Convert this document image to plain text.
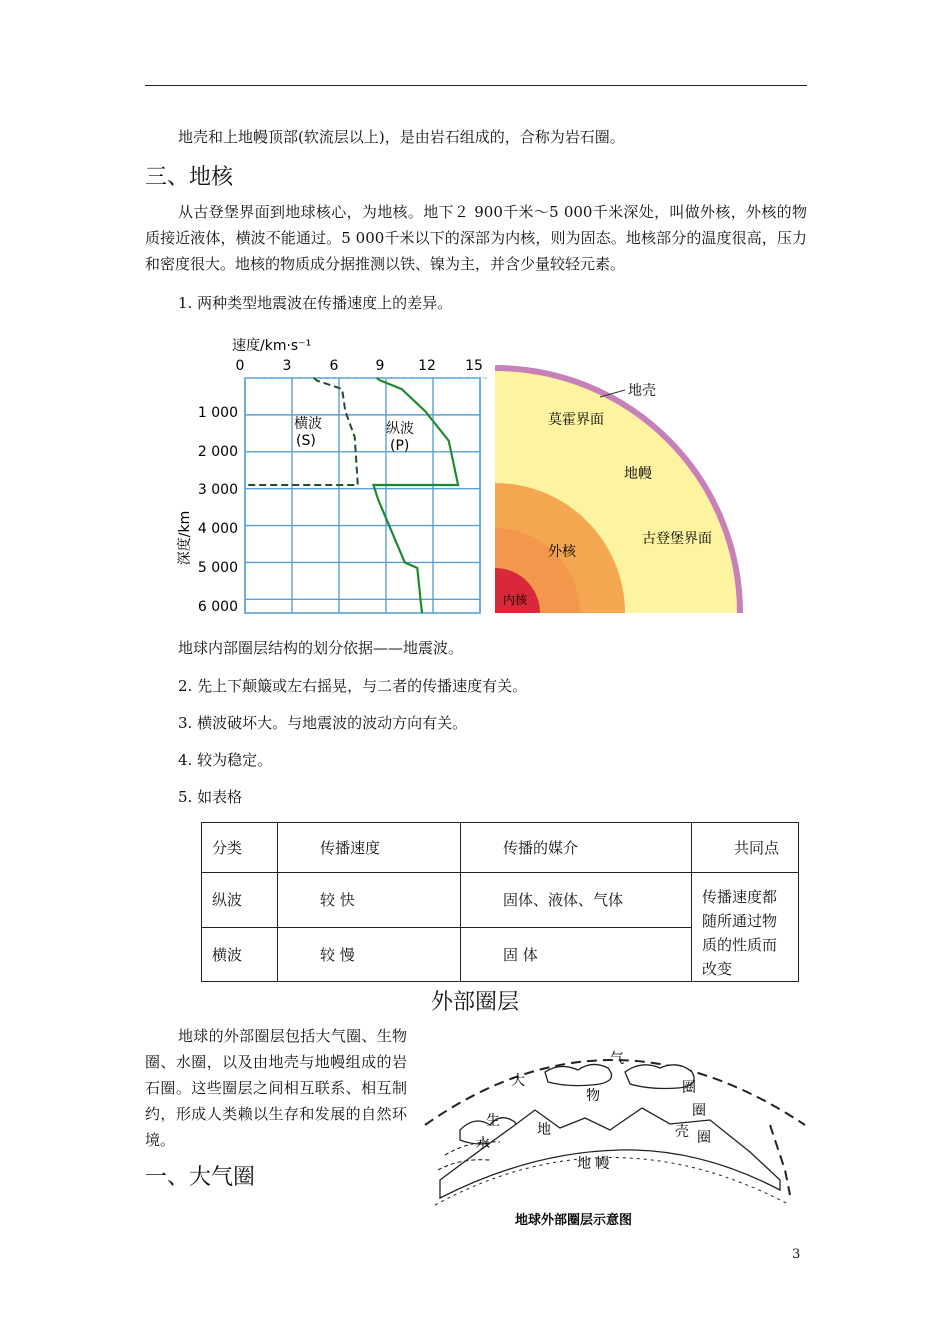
地壳和上地幔顶部(软流层以上)，是由岩石组成的，合称为岩石圈。
三、地核
从古登堡界面到地球核心，为地核。地下２ 900千米～5 000千米深处，叫做外核，外核的物质接近液体，横波不能通过。5 000千米以下的深部为内核，则为固态。地核部分的温度很高，压力和密度很大。地核的物质成分据推测以铁、镍为主，并含少量较轻元素。
1. 两种类型地震波在传播速度上的差异。
速度/km·s⁻¹
0	3	6	9 12 15
深度/km
1 000
2 000
3 000
4 000
5 000
6 000
横波
(S)
纵波
(P)
地壳
莫霍界面
地幔
古登堡界面
外核
内核
地球内部圈层结构的划分依据——地震波。
2. 先上下颠簸或左右摇晃，与二者的传播速度有关。
3. 横波破坏大。与地震波的波动方向有关。
4. 较为稳定。
5. 如表格
分类	传播速度	传播的媒介	共同点
纵波	较 快	固体、液体、气体	传播速度都随所通过物质的性质而改变
横波	较 慢	固 体	
外部圈层
地球的外部圈层包括大气圈、生物圈、水圈，以及由地壳与地幔组成的岩石圈。这些圈层之间相互联系、相互制约，形成人类赖以生存和发展的自然环境。
一、大气圈
大
气
圈
物
圈
生
水
地	壳 圈
地 幔
地球外部圈层示意图
3
